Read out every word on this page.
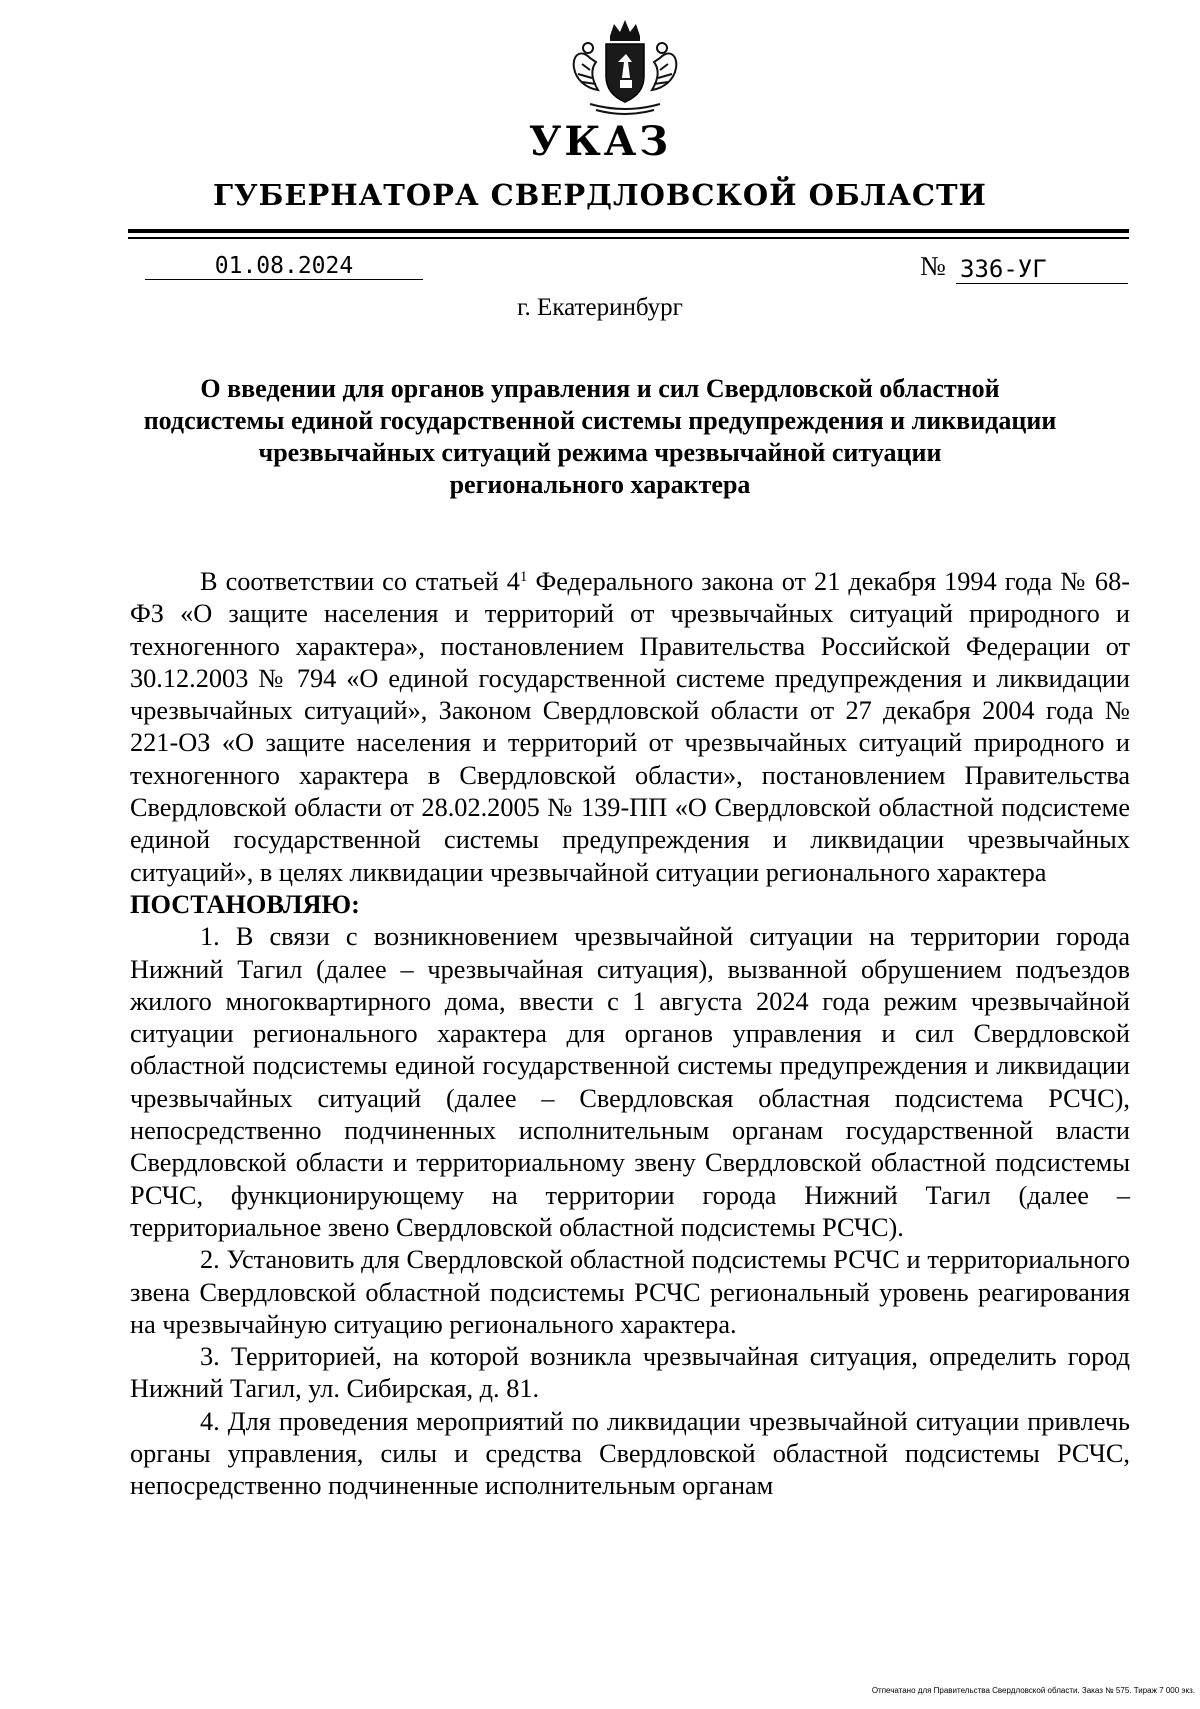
УКАЗ
ГУБЕРНАТОРА СВЕРДЛОВСКОЙ ОБЛАСТИ
01.08.2024	№ 336-УГ
г. Екатеринбург
О введении для органов управления и сил Свердловской областной
подсистемы единой государственной системы предупреждения и ликвидации
чрезвычайных ситуаций режима чрезвычайной ситуации
регионального характера

В соответствии со статьей $4^1$ Федерального закона от 21 декабря 1994 года № 68-ФЗ «О защите населения и территорий от чрезвычайных ситуаций природного и техногенного характера», постановлением Правительства Российской Федерации от 30.12.2003 № 794 «О единой государственной системе предупреждения и ликвидации чрезвычайных ситуаций», Законом Свердловской области от 27 декабря 2004 года № 221-ОЗ «О защите населения и территорий от чрезвычайных ситуаций природного и техногенного характера в Свердловской области», постановлением Правительства Свердловской области от 28.02.2005 № 139-ПП «О Свердловской областной подсистеме единой государственной системы предупреждения и ликвидации чрезвычайных ситуаций», в целях ликвидации чрезвычайной ситуации регионального характера

ПОСТАНОВЛЯЮ:

1. В связи с возникновением чрезвычайной ситуации на территории города Нижний Тагил (далее – чрезвычайная ситуация), вызванной обрушением подъездов жилого многоквартирного дома, ввести с 1 августа 2024 года режим чрезвычайной ситуации регионального характера для органов управления и сил Свердловской областной подсистемы единой государственной системы предупреждения и ликвидации чрезвычайных ситуаций (далее – Свердловская областная подсистема РСЧС), непосредственно подчиненных исполнительным органам государственной власти Свердловской области и территориальному звену Свердловской областной подсистемы РСЧС, функционирующему на территории города Нижний Тагил (далее – территориальное звено Свердловской областной подсистемы РСЧС).

2. Установить для Свердловской областной подсистемы РСЧС и территориального звена Свердловской областной подсистемы РСЧС региональный уровень реагирования на чрезвычайную ситуацию регионального характера.

3. Территорией, на которой возникла чрезвычайная ситуация, определить город Нижний Тагил, ул. Сибирская, д. 81.

4. Для проведения мероприятий по ликвидации чрезвычайной ситуации привлечь органы управления, силы и средства Свердловской областной подсистемы РСЧС, непосредственно подчиненные исполнительным органам

Отпечатано для Правительства Свердловской области. Заказ № 575. Тираж 7 000 экз.
